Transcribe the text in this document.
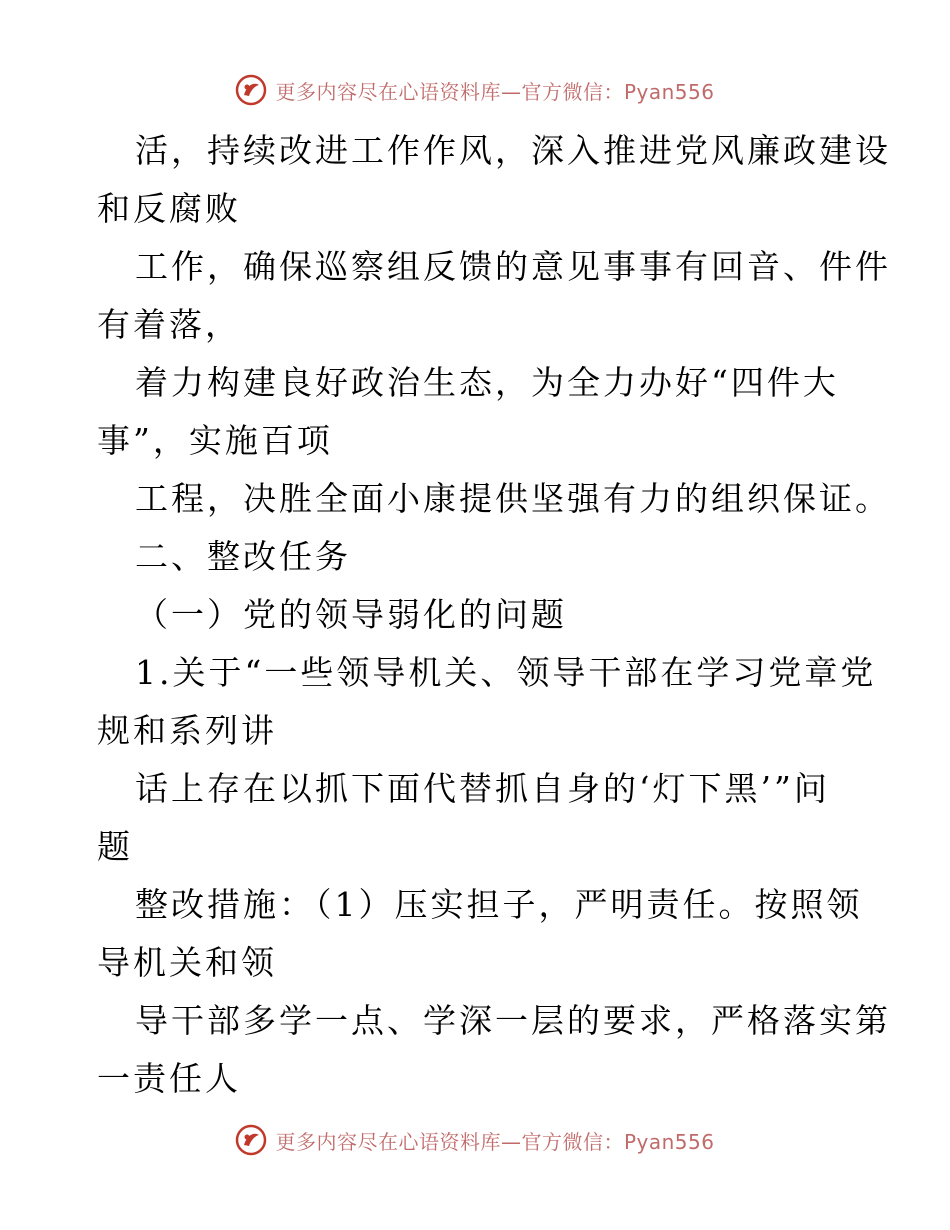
更多内容尽在心语资料库—官方微信：Pyan556
活，持续改进工作作风，深入推进党风廉政建设
和反腐败
工作，确保巡察组反馈的意见事事有回音、件件
有着落，
着力构建良好政治生态，为全力办好“四件大
事”，实施百项
工程，决胜全面小康提供坚强有力的组织保证。
二、整改任务
（一）党的领导弱化的问题
1.关于“一些领导机关、领导干部在学习党章党
规和系列讲
话上存在以抓下面代替抓自身的‘灯下黑’”问
题
整改措施：（1）压实担子，严明责任。按照领
导机关和领
导干部多学一点、学深一层的要求，严格落实第
一责任人
更多内容尽在心语资料库—官方微信：Pyan556
